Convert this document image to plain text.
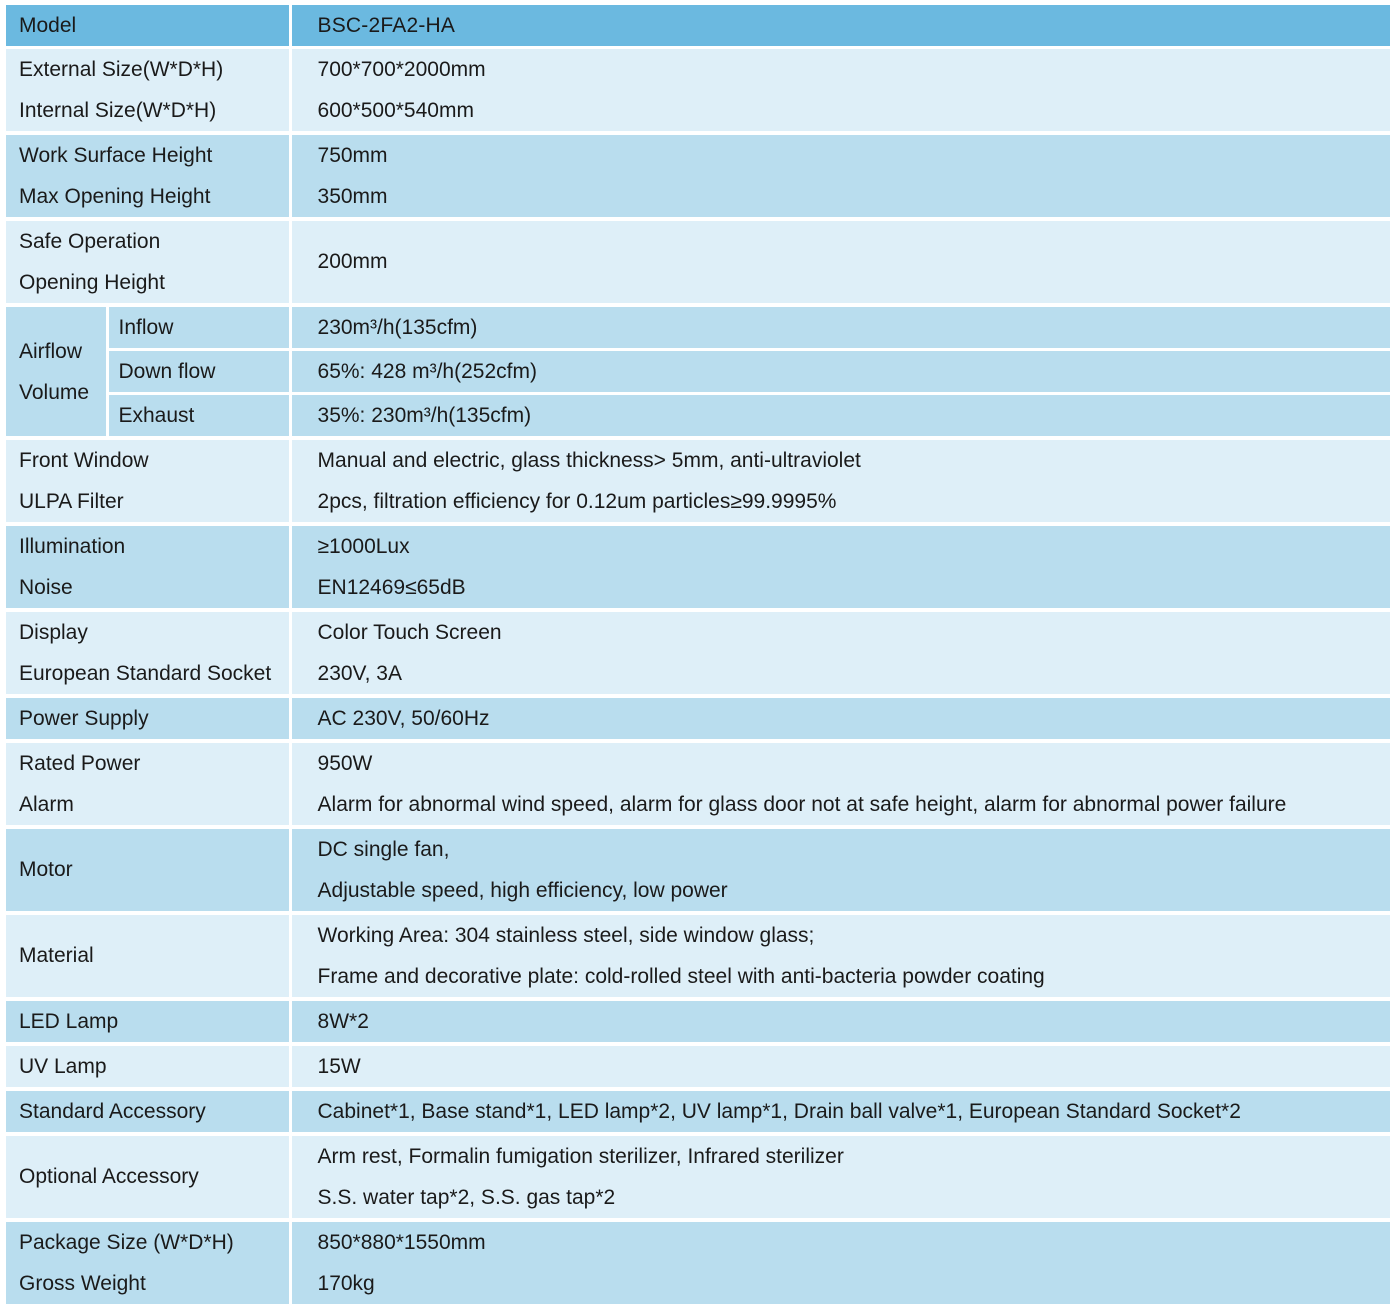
Model		BSC-2FA2-HA
External Size(W*D*H)		700*700*2000mm
Internal Size(W*D*H)		600*500*540mm
Work Surface Height		750mm
Max Opening Height		350mm
Safe Operation		200mm
Opening Height		
Airflow
Volume	Inflow	230m³/h(135cfm)
	Down flow	65%: 428 m³/h(252cfm)
	Exhaust	35%: 230m³/h(135cfm)
Front Window		Manual and electric, glass thickness> 5mm, anti-ultraviolet
ULPA Filter		2pcs, filtration efficiency for 0.12um particles≥99.9995%
Illumination		≥1000Lux
Noise		EN12469≤65dB
Display		Color Touch Screen
European Standard Socket		230V, 3A
Power Supply		AC 230V, 50/60Hz
Rated Power		950W
Alarm		Alarm for abnormal wind speed, alarm for glass door not at safe height, alarm for abnormal power failure
Motor		DC single fan,
		Adjustable speed, high efficiency, low power
Material		Working Area: 304 stainless steel, side window glass;
		Frame and decorative plate: cold-rolled steel with anti-bacteria powder coating
LED Lamp		8W*2
UV Lamp		15W
Standard Accessory		Cabinet*1, Base stand*1, LED lamp*2, UV lamp*1, Drain ball valve*1, European Standard Socket*2
Optional Accessory		Arm rest, Formalin fumigation sterilizer, Infrared sterilizer
		S.S. water tap*2, S.S. gas tap*2
Package Size (W*D*H)		850*880*1550mm
Gross Weight		170kg
